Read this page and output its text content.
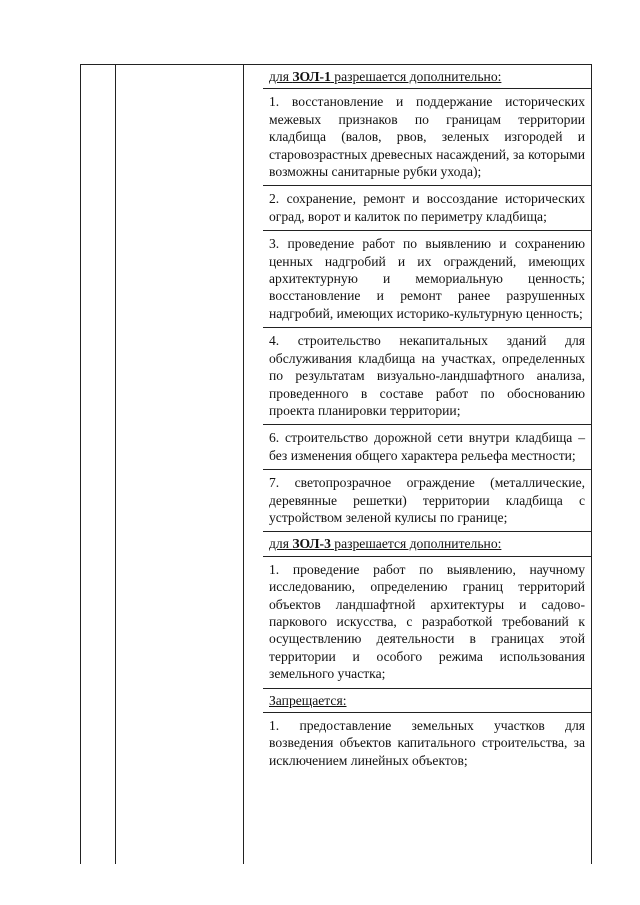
для ЗОЛ-1 разрешается дополнительно:
1. восстановление и поддержание исторических межевых признаков по границам территории кладбища (валов, рвов, зеленых изгородей и старовозрастных древесных насаждений, за которыми возможны санитарные рубки ухода);
2. сохранение, ремонт и воссоздание исторических оград, ворот и калиток по периметру кладбища;
3. проведение работ по выявлению и сохранению ценных надгробий и их ограждений, имеющих архитектурную и мемориальную ценность; восстановление и ремонт ранее разрушенных надгробий, имеющих историко-культурную ценность;
4. строительство некапитальных зданий для обслуживания кладбища на участках, определенных по результатам визуально-ландшафтного анализа, проведенного в составе работ по обоснованию проекта планировки территории;
6. строительство дорожной сети внутри кладбища – без изменения общего характера рельефа местности;
7. светопрозрачное ограждение (металлические, деревянные решетки) территории кладбища с устройством зеленой кулисы по границе;
для ЗОЛ-3 разрешается дополнительно:
1. проведение работ по выявлению, научному исследованию, определению границ территорий объектов ландшафтной архитектуры и садово-паркового искусства, с разработкой требований к осуществлению деятельности в границах этой территории и особого режима использования земельного участка;
Запрещается:
1. предоставление земельных участков для возведения объектов капитального строительства, за исключением линейных объектов;
